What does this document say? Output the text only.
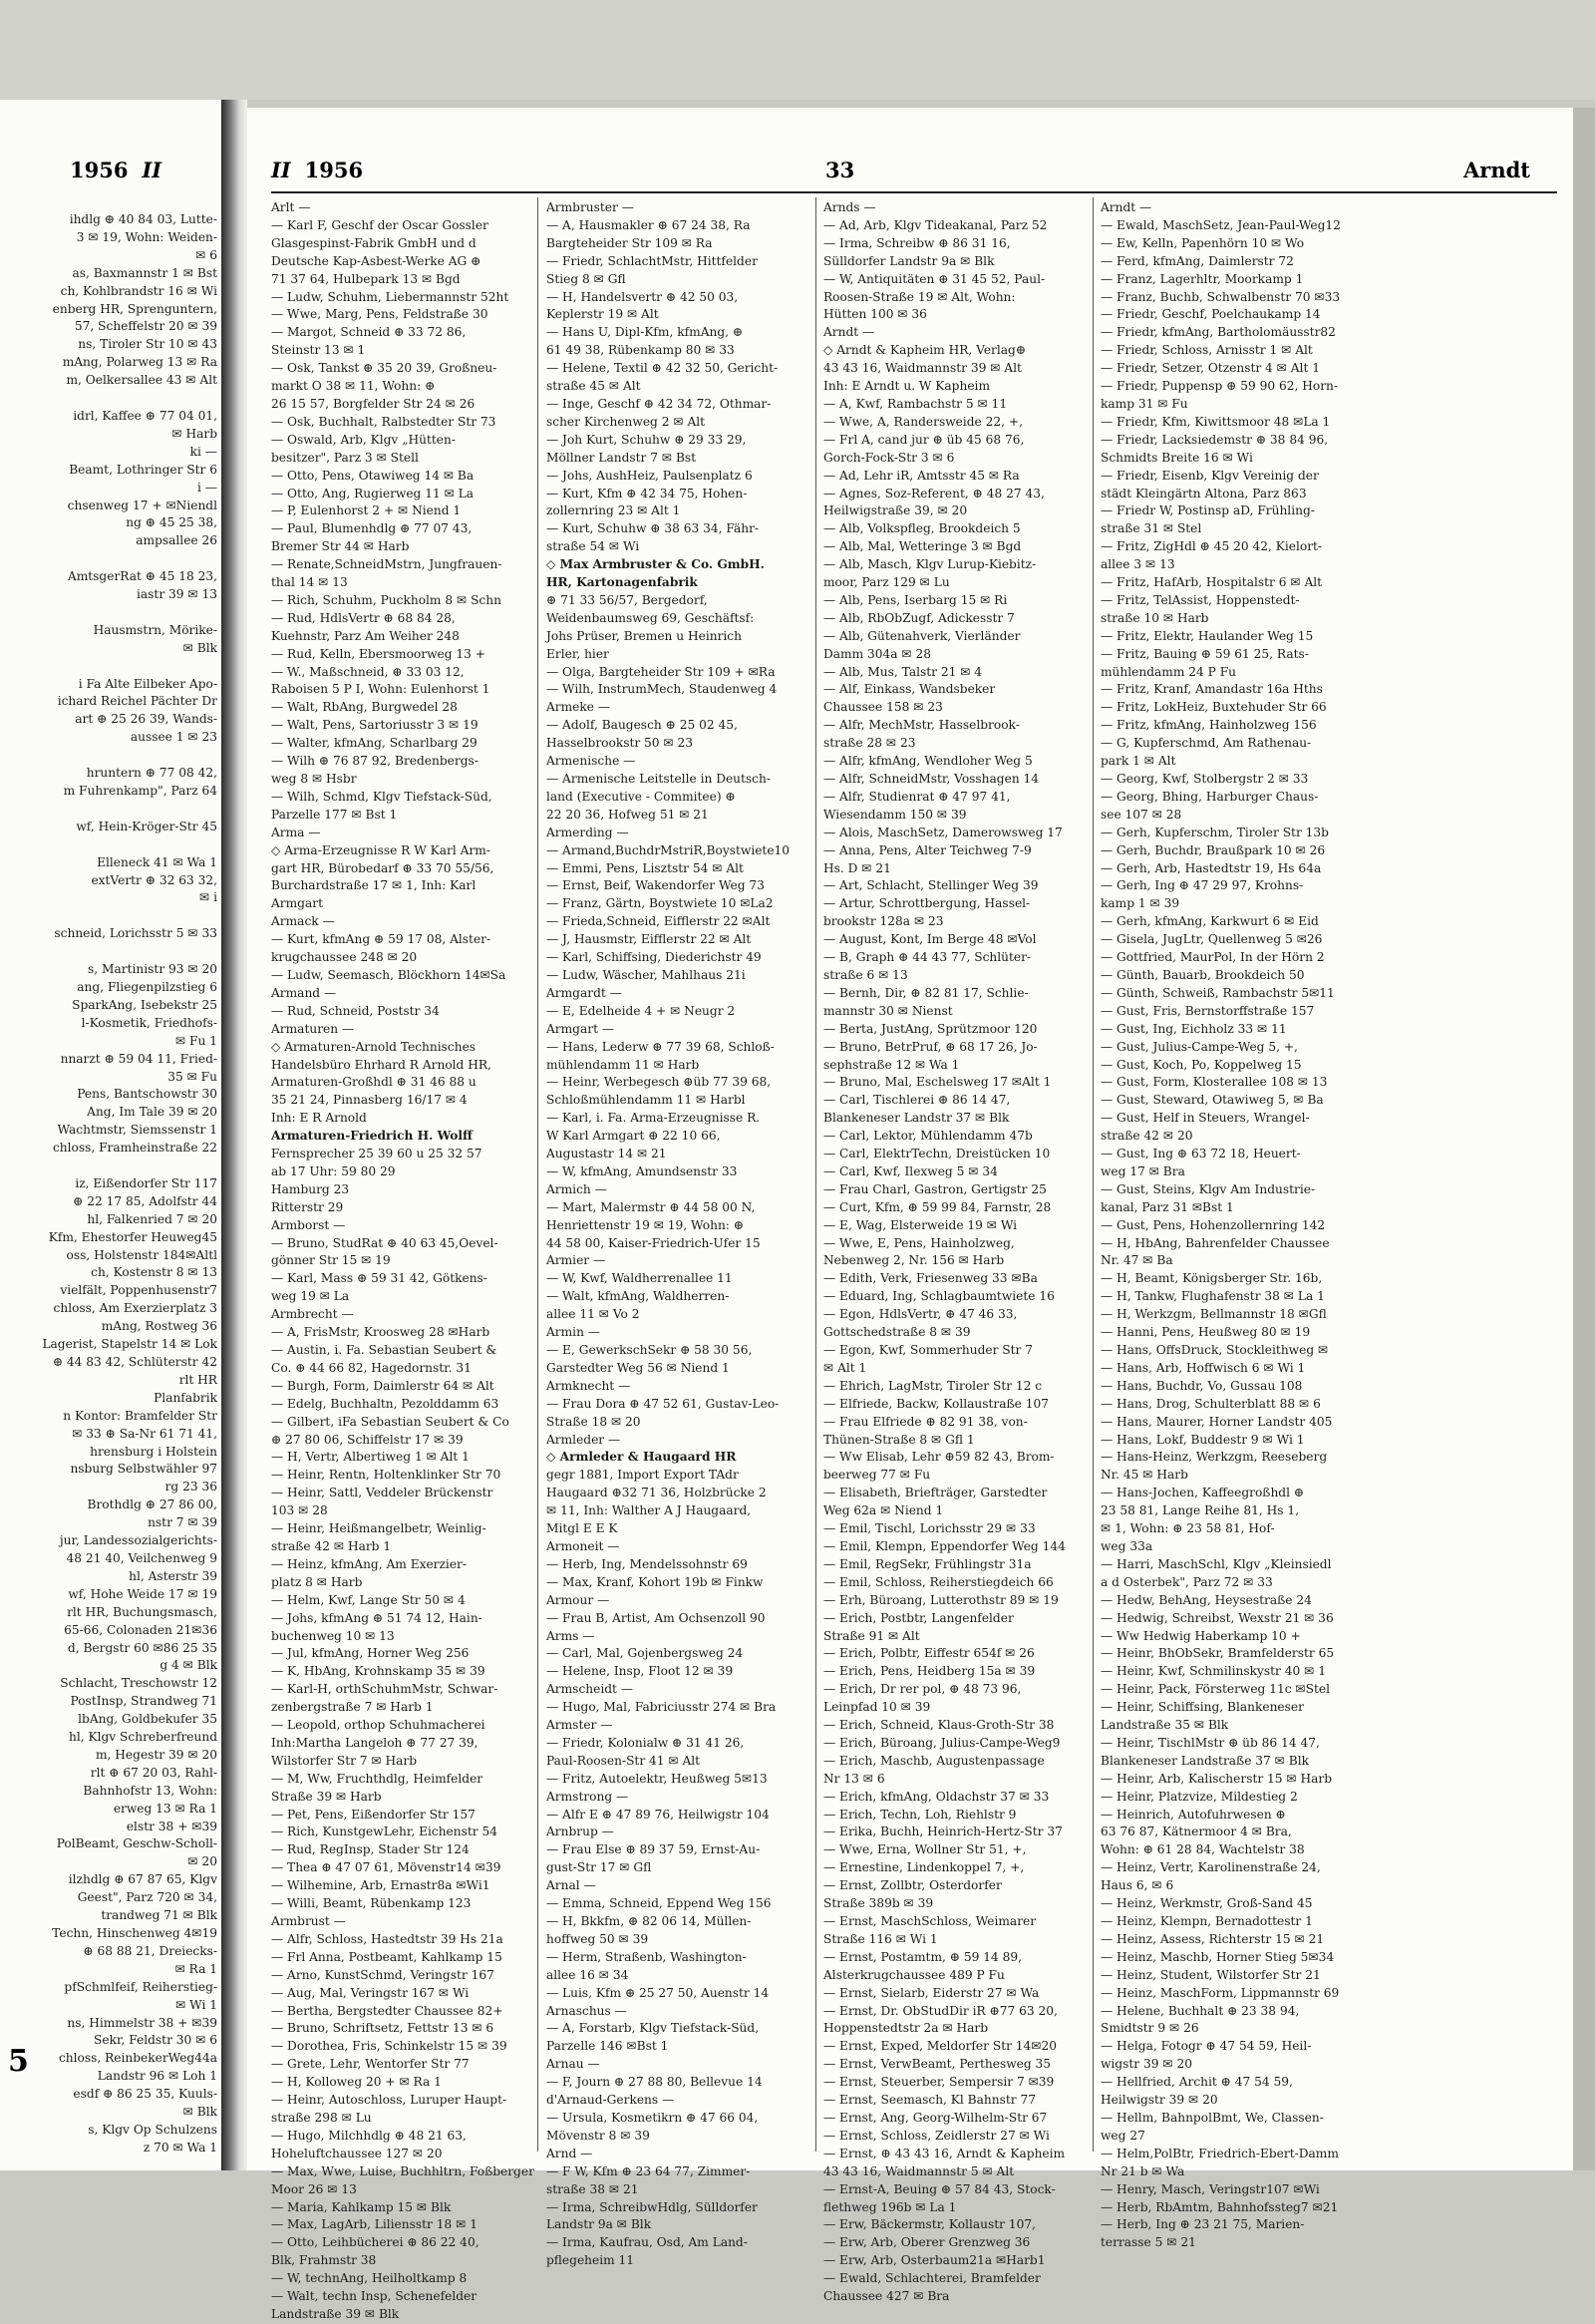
1956 II
ihdlg ⊕ 40 84 03, Lutte-
3 ✉ 19, Wohn: Weiden-
✉ 6
as, Baxmannstr 1 ✉ Bst
ch, Kohlbrandstr 16 ✉ Wi
enberg HR, Sprenguntern,
57, Scheffelstr 20 ✉ 39
ns, Tiroler Str 10 ✉ 43
mAng, Polarweg 13 ✉ Ra
m, Oelkersallee 43 ✉ Alt

idrl, Kaffee ⊕ 77 04 01,
✉ Harb
ki —
Beamt, Lothringer Str 6
i —
chsenweg 17 + ✉Niendl
ng ⊕ 45 25 38,
ampsallee 26

AmtsgerRat ⊕ 45 18 23,
iastr 39 ✉ 13

Hausmstrn, Mörike-
✉ Blk

i Fa Alte Eilbeker Apo-
ichard Reichel Pächter Dr
art ⊕ 25 26 39, Wands-
aussee 1 ✉ 23

hruntern ⊕ 77 08 42,
m Fuhrenkamp", Parz 64

wf, Hein-Kröger-Str 45

Elleneck 41 ✉ Wa 1
extVertr ⊕ 32 63 32,
✉ i

schneid, Lorichsstr 5 ✉ 33

s, Martinistr 93 ✉ 20
ang, Fliegenpilzstieg 6
SparkAng, Isebekstr 25
l-Kosmetik, Friedhofs-
✉ Fu 1
nnarzt ⊕ 59 04 11, Fried-
35 ✉ Fu
Pens, Bantschowstr 30
Ang, Im Tale 39 ✉ 20
Wachtmstr, Siemssenstr 1
chloss, Framheinstraße 22

iz, Eißendorfer Str 117
⊕ 22 17 85, Adolfstr 44
hl, Falkenried 7 ✉ 20
Kfm, Ehestorfer Heuweg45
oss, Holstenstr 184✉Altl
ch, Kostenstr 8 ✉ 13
vielfält, Poppenhusenstr7
chloss, Am Exerzierplatz 3
mAng, Rostweg 36
Lagerist, Stapelstr 14 ✉ Lok
⊕ 44 83 42, Schlüterstr 42
rlt HR
Planfabrik
n Kontor: Bramfelder Str
✉ 33 ⊕ Sa-Nr 61 71 41,
hrensburg i Holstein
nsburg Selbstwähler 97
rg 23 36
Brothdlg ⊕ 27 86 00,
nstr 7 ✉ 39
jur, Landessozialgerichts-
48 21 40, Veilchenweg 9
hl, Asterstr 39
wf, Hohe Weide 17 ✉ 19
rlt HR, Buchungsmasch,
65-66, Colonaden 21✉36
d, Bergstr 60 ✉86 25 35
g 4 ✉ Blk
Schlacht, Treschowstr 12
PostInsp, Strandweg 71
lbAng, Goldbekufer 35
hl, Klgv Schreberfreund
m, Hegestr 39 ✉ 20
rlt ⊕ 67 20 03, Rahl-
Bahnhofstr 13, Wohn:
erweg 13 ✉ Ra 1
elstr 38 + ✉39
PolBeamt, Geschw-Scholl-
✉ 20
ilzhdlg ⊕ 67 87 65, Klgv
Geest", Parz 720 ✉ 34,
trandweg 71 ✉ Blk
Techn, Hinschenweg 4✉19
⊕ 68 88 21, Dreiecks-
✉ Ra 1
pfSchmlfeif, Reiherstieg-
✉ Wi 1
ns, Himmelstr 38 + ✉39
Sekr, Feldstr 30 ✉ 6
chloss, ReinbekerWeg44a
Landstr 96 ✉ Loh 1
esdf ⊕ 86 25 35, Kuuls-
✉ Blk
s, Klgv Op Schulzens
z 70 ✉ Wa 1
5
II 1956	33	Arndt
Arlt —
— Karl F, Geschf der Oscar Gossler
Glasgespinst-Fabrik GmbH und d
Deutsche Kap-Asbest-Werke AG ⊕
71 37 64, Hulbepark 13 ✉ Bgd
— Ludw, Schuhm, Liebermannstr 52ht
— Wwe, Marg, Pens, Feldstraße 30
— Margot, Schneid ⊕ 33 72 86,
Steinstr 13 ✉ 1
— Osk, Tankst ⊕ 35 20 39, Großneu-
markt O 38 ✉ 11, Wohn: ⊕
26 15 57, Borgfelder Str 24 ✉ 26
— Osk, Buchhalt, Ralbstedter Str 73
— Oswald, Arb, Klgv „Hütten-
besitzer", Parz 3 ✉ Stell
— Otto, Pens, Otawiweg 14 ✉ Ba
— Otto, Ang, Rugierweg 11 ✉ La
— P, Eulenhorst 2 + ✉ Niend 1
— Paul, Blumenhdlg ⊕ 77 07 43,
Bremer Str 44 ✉ Harb
— Renate,SchneidMstrn, Jungfrauen-
thal 14 ✉ 13
— Rich, Schuhm, Puckholm 8 ✉ Schn
— Rud, HdlsVertr ⊕ 68 84 28,
Kuehnstr, Parz Am Weiher 248
— Rud, Kelln, Ebersmoorweg 13 +
— W., Maßschneid, ⊕ 33 03 12,
Raboisen 5 P I, Wohn: Eulenhorst 1
— Walt, RbAng, Burgwedel 28
— Walt, Pens, Sartoriusstr 3 ✉ 19
— Walter, kfmAng, Scharlbarg 29
— Wilh ⊕ 76 87 92, Bredenbergs-
weg 8 ✉ Hsbr
— Wilh, Schmd, Klgv Tiefstack-Süd,
Parzelle 177 ✉ Bst 1
Arma —
◇ Arma-Erzeugnisse R W Karl Arm-
gart HR, Bürobedarf ⊕ 33 70 55/56,
Burchardstraße 17 ✉ 1, Inh: Karl
Armgart
Armack —
— Kurt, kfmAng ⊕ 59 17 08, Alster-
krugchaussee 248 ✉ 20
— Ludw, Seemasch, Blöckhorn 14✉Sa
Armand —
— Rud, Schneid, Poststr 34
Armaturen —
◇ Armaturen-Arnold Technisches
Handelsbüro Ehrhard R Arnold HR,
Armaturen-Großhdl ⊕ 31 46 88 u
35 21 24, Pinnasberg 16/17 ✉ 4
Inh: E R Arnold
Armaturen-Friedrich H. Wolff
Fernsprecher 25 39 60 u 25 32 57
ab 17 Uhr: 59 80 29
Hamburg 23
Ritterstr 29
Armborst —
— Bruno, StudRat ⊕ 40 63 45,Oevel-
gönner Str 15 ✉ 19
— Karl, Mass ⊕ 59 31 42, Götkens-
weg 19 ✉ La
Armbrecht —
— A, FrisMstr, Kroosweg 28 ✉Harb
— Austin, i. Fa. Sebastian Seubert &
Co. ⊕ 44 66 82, Hagedornstr. 31
— Burgh, Form, Daimlerstr 64 ✉ Alt
— Edelg, Buchhaltn, Pezolddamm 63
— Gilbert, iFa Sebastian Seubert & Co
⊕ 27 80 06, Schiffelstr 17 ✉ 39
— H, Vertr, Albertiweg 1 ✉ Alt 1
— Heinr, Rentn, Holtenklinker Str 70
— Heinr, Sattl, Veddeler Brückenstr
103 ✉ 28
— Heinr, Heißmangelbetr, Weinlig-
straße 42 ✉ Harb 1
— Heinz, kfmAng, Am Exerzier-
platz 8 ✉ Harb
— Helm, Kwf, Lange Str 50 ✉ 4
— Johs, kfmAng ⊕ 51 74 12, Hain-
buchenweg 10 ✉ 13
— Jul, kfmAng, Horner Weg 256
— K, HbAng, Krohnskamp 35 ✉ 39
— Karl-H, orthSchuhmMstr, Schwar-
zenbergstraße 7 ✉ Harb 1
— Leopold, orthop Schuhmacherei
Inh:Martha Langeloh ⊕ 77 27 39,
Wilstorfer Str 7 ✉ Harb
— M, Ww, Fruchthdlg, Heimfelder
Straße 39 ✉ Harb
— Pet, Pens, Eißendorfer Str 157
— Rich, KunstgewLehr, Eichenstr 54
— Rud, RegInsp, Stader Str 124
— Thea ⊕ 47 07 61, Mövenstr14 ✉39
— Wilhemine, Arb, Ernastr8a ✉Wi1
— Willi, Beamt, Rübenkamp 123
Armbrust —
— Alfr, Schloss, Hastedtstr 39 Hs 21a
— Frl Anna, Postbeamt, Kahlkamp 15
— Arno, KunstSchmd, Veringstr 167
— Aug, Mal, Veringstr 167 ✉ Wi
— Bertha, Bergstedter Chaussee 82+
— Bruno, Schriftsetz, Fettstr 13 ✉ 6
— Dorothea, Fris, Schinkelstr 15 ✉ 39
— Grete, Lehr, Wentorfer Str 77
— H, Kolloweg 20 + ✉ Ra 1
— Heinr, Autoschloss, Luruper Haupt-
straße 298 ✉ Lu
— Hugo, Milchhdlg ⊕ 48 21 63,
Hoheluftchaussee 127 ✉ 20
— Max, Wwe, Luise, Buchhltrn, Foßberger
Moor 26 ✉ 13
— Maria, Kahlkamp 15 ✉ Blk
— Max, LagArb, Liliensstr 18 ✉ 1
— Otto, Leihbücherei ⊕ 86 22 40,
Blk, Frahmstr 38
— W, technAng, Heilholtkamp 8
— Walt, techn Insp, Schenefelder
Landstraße 39 ✉ Blk
Armbruster —
— A, Hausmakler ⊕ 67 24 38, Ra
Bargteheider Str 109 ✉ Ra
— Friedr, SchlachtMstr, Hittfelder
Stieg 8 ✉ Gfl
— H, Handelsvertr ⊕ 42 50 03,
Keplerstr 19 ✉ Alt
— Hans U, Dipl-Kfm, kfmAng, ⊕
61 49 38, Rübenkamp 80 ✉ 33
— Helene, Textil ⊕ 42 32 50, Gericht-
straße 45 ✉ Alt
— Inge, Geschf ⊕ 42 34 72, Othmar-
scher Kirchenweg 2 ✉ Alt
— Joh Kurt, Schuhw ⊕ 29 33 29,
Möllner Landstr 7 ✉ Bst
— Johs, AushHeiz, Paulsenplatz 6
— Kurt, Kfm ⊕ 42 34 75, Hohen-
zollernring 23 ✉ Alt 1
— Kurt, Schuhw ⊕ 38 63 34, Fähr-
straße 54 ✉ Wi
◇ Max Armbruster & Co. GmbH.
HR, Kartonagenfabrik
⊕ 71 33 56/57, Bergedorf,
Weidenbaumsweg 69, Geschäftsf:
Johs Prüser, Bremen u Heinrich
Erler, hier
— Olga, Bargteheider Str 109 + ✉Ra
— Wilh, InstrumMech, Staudenweg 4
Armeke —
— Adolf, Baugesch ⊕ 25 02 45,
Hasselbrookstr 50 ✉ 23
Armenische —
— Armenische Leitstelle in Deutsch-
land (Executive - Commitee) ⊕
22 20 36, Hofweg 51 ✉ 21
Armerding —
— Armand,BuchdrMstriR,Boystwiete10
— Emmi, Pens, Lisztstr 54 ✉ Alt
— Ernst, Beif, Wakendorfer Weg 73
— Franz, Gärtn, Boystwiete 10 ✉La2
— Frieda,Schneid, Eifflerstr 22 ✉Alt
— J, Hausmstr, Eifflerstr 22 ✉ Alt
— Karl, Schiffsing, Diederichstr 49
— Ludw, Wäscher, Mahlhaus 21i
Armgardt —
— E, Edelheide 4 + ✉ Neugr 2
Armgart —
— Hans, Lederw ⊕ 77 39 68, Schloß-
mühlendamm 11 ✉ Harb
— Heinr, Werbegesch ⊕üb 77 39 68,
Schloßmühlendamm 11 ✉ Harbl
— Karl, i. Fa. Arma-Erzeugnisse R.
W Karl Armgart ⊕ 22 10 66,
Augustastr 14 ✉ 21
— W, kfmAng, Amundsenstr 33
Armich —
— Mart, Malermstr ⊕ 44 58 00 N,
Henriettenstr 19 ✉ 19, Wohn: ⊕
44 58 00, Kaiser-Friedrich-Ufer 15
Armier —
— W, Kwf, Waldherrenallee 11
— Walt, kfmAng, Waldherren-
allee 11 ✉ Vo 2
Armin —
— E, GewerkschSekr ⊕ 58 30 56,
Garstedter Weg 56 ✉ Niend 1
Armknecht —
— Frau Dora ⊕ 47 52 61, Gustav-Leo-
Straße 18 ✉ 20
Armleder —
◇ Armleder & Haugaard HR
gegr 1881, Import Export TAdr
Haugaard ⊕32 71 36, Holzbrücke 2
✉ 11, Inh: Walther A J Haugaard,
Mitgl E E K
Armoneit —
— Herb, Ing, Mendelssohnstr 69
— Max, Kranf, Kohort 19b ✉ Finkw
Armour —
— Frau B, Artist, Am Ochsenzoll 90
Arms —
— Carl, Mal, Gojenbergsweg 24
— Helene, Insp, Floot 12 ✉ 39
Armscheidt —
— Hugo, Mal, Fabriciusstr 274 ✉ Bra
Armster —
— Friedr, Kolonialw ⊕ 31 41 26,
Paul-Roosen-Str 41 ✉ Alt
— Fritz, Autoelektr, Heußweg 5✉13
Armstrong —
— Alfr E ⊕ 47 89 76, Heilwigstr 104
Arnbrup —
— Frau Else ⊕ 89 37 59, Ernst-Au-
gust-Str 17 ✉ Gfl
Arnal —
— Emma, Schneid, Eppend Weg 156
— H, Bkkfm, ⊕ 82 06 14, Müllen-
hoffweg 50 ✉ 39
— Herm, Straßenb, Washington-
allee 16 ✉ 34
— Luis, Kfm ⊕ 25 27 50, Auenstr 14
Arnaschus —
— A, Forstarb, Klgv Tiefstack-Süd,
Parzelle 146 ✉Bst 1
Arnau —
— F, Journ ⊕ 27 88 80, Bellevue 14
d'Arnaud-Gerkens —
— Ursula, Kosmetikrn ⊕ 47 66 04,
Mövenstr 8 ✉ 39
Arnd —
— F W, Kfm ⊕ 23 64 77, Zimmer-
straße 38 ✉ 21
— Irma, SchreibwHdlg, Sülldorfer
Landstr 9a ✉ Blk
— Irma, Kaufrau, Osd, Am Land-
pflegeheim 11
Arnds —
— Ad, Arb, Klgv Tideakanal, Parz 52
— Irma, Schreibw ⊕ 86 31 16,
Sülldorfer Landstr 9a ✉ Blk
— W, Antiquitäten ⊕ 31 45 52, Paul-
Roosen-Straße 19 ✉ Alt, Wohn:
Hütten 100 ✉ 36
Arndt —
◇ Arndt & Kapheim HR, Verlag⊕
43 43 16, Waidmannstr 39 ✉ Alt
Inh: E Arndt u. W Kapheim
— A, Kwf, Rambachstr 5 ✉ 11
— Wwe, A, Randersweide 22, +,
— Frl A, cand jur ⊕ üb 45 68 76,
Gorch-Fock-Str 3 ✉ 6
— Ad, Lehr iR, Amtsstr 45 ✉ Ra
— Agnes, Soz-Referent, ⊕ 48 27 43,
Heilwigstraße 39, ✉ 20
— Alb, Volkspfleg, Brookdeich 5
— Alb, Mal, Wetteringe 3 ✉ Bgd
— Alb, Masch, Klgv Lurup-Kiebitz-
moor, Parz 129 ✉ Lu
— Alb, Pens, Iserbarg 15 ✉ Ri
— Alb, RbObZugf, Adickesstr 7
— Alb, Gütenahverk, Vierländer
Damm 304a ✉ 28
— Alb, Mus, Talstr 21 ✉ 4
— Alf, Einkass, Wandsbeker
Chaussee 158 ✉ 23
— Alfr, MechMstr, Hasselbrook-
straße 28 ✉ 23
— Alfr, kfmAng, Wendloher Weg 5
— Alfr, SchneidMstr, Vosshagen 14
— Alfr, Studienrat ⊕ 47 97 41,
Wiesendamm 150 ✉ 39
— Alois, MaschSetz, Damerowsweg 17
— Anna, Pens, Alter Teichweg 7-9
Hs. D ✉ 21
— Art, Schlacht, Stellinger Weg 39
— Artur, Schrottbergung, Hassel-
brookstr 128a ✉ 23
— August, Kont, Im Berge 48 ✉Vol
— B, Graph ⊕ 44 43 77, Schlüter-
straße 6 ✉ 13
— Bernh, Dir, ⊕ 82 81 17, Schlie-
mannstr 30 ✉ Nienst
— Berta, JustAng, Sprützmoor 120
— Bruno, BetrPruf, ⊕ 68 17 26, Jo-
sephstraße 12 ✉ Wa 1
— Bruno, Mal, Eschelsweg 17 ✉Alt 1
— Carl, Tischlerei ⊕ 86 14 47,
Blankeneser Landstr 37 ✉ Blk
— Carl, Lektor, Mühlendamm 47b
— Carl, ElektrTechn, Dreistücken 10
— Carl, Kwf, Ilexweg 5 ✉ 34
— Frau Charl, Gastron, Gertigstr 25
— Curt, Kfm, ⊕ 59 99 84, Farnstr, 28
— E, Wag, Elsterweide 19 ✉ Wi
— Wwe, E, Pens, Hainholzweg,
Nebenweg 2, Nr. 156 ✉ Harb
— Edith, Verk, Friesenweg 33 ✉Ba
— Eduard, Ing, Schlagbaumtwiete 16
— Egon, HdlsVertr, ⊕ 47 46 33,
Gottschedstraße 8 ✉ 39
— Egon, Kwf, Sommerhuder Str 7
✉ Alt 1
— Ehrich, LagMstr, Tiroler Str 12 c
— Elfriede, Backw, Kollaustraße 107
— Frau Elfriede ⊕ 82 91 38, von-
Thünen-Straße 8 ✉ Gfl 1
— Ww Elisab, Lehr ⊕59 82 43, Brom-
beerweg 77 ✉ Fu
— Elisabeth, Briefträger, Garstedter
Weg 62a ✉ Niend 1
— Emil, Tischl, Lorichsstr 29 ✉ 33
— Emil, Klempn, Eppendorfer Weg 144
— Emil, RegSekr, Frühlingstr 31a
— Emil, Schloss, Reiherstiegdeich 66
— Erh, Büroang, Lutterothstr 89 ✉ 19
— Erich, Postbtr, Langenfelder
Straße 91 ✉ Alt
— Erich, Polbtr, Eiffestr 654f ✉ 26
— Erich, Pens, Heidberg 15a ✉ 39
— Erich, Dr rer pol, ⊕ 48 73 96,
Leinpfad 10 ✉ 39
— Erich, Schneid, Klaus-Groth-Str 38
— Erich, Büroang, Julius-Campe-Weg9
— Erich, Maschb, Augustenpassage
Nr 13 ✉ 6
— Erich, kfmAng, Oldachstr 37 ✉ 33
— Erich, Techn, Loh, Riehlstr 9
— Erika, Buchh, Heinrich-Hertz-Str 37
— Wwe, Erna, Wollner Str 51, +,
— Ernestine, Lindenkoppel 7, +,
— Ernst, Zollbtr, Osterdorfer
Straße 389b ✉ 39
— Ernst, MaschSchloss, Weimarer
Straße 116 ✉ Wi 1
— Ernst, Postamtm, ⊕ 59 14 89,
Alsterkrugchaussee 489 P Fu
— Ernst, Sielarb, Eiderstr 27 ✉ Wa
— Ernst, Dr. ObStudDir iR ⊕77 63 20,
Hoppenstedtstr 2a ✉ Harb
— Ernst, Exped, Meldorfer Str 14✉20
— Ernst, VerwBeamt, Perthesweg 35
— Ernst, Steuerber, Sempersir 7 ✉39
— Ernst, Seemasch, Kl Bahnstr 77
— Ernst, Ang, Georg-Wilhelm-Str 67
— Ernst, Schloss, Zeidlerstr 27 ✉ Wi
— Ernst, ⊕ 43 43 16, Arndt & Kapheim
43 43 16, Waidmannstr 5 ✉ Alt
— Ernst-A, Beuing ⊕ 57 84 43, Stock-
flethweg 196b ✉ La 1
— Erw, Bäckermstr, Kollaustr 107,
— Erw, Arb, Oberer Grenzweg 36
— Erw, Arb, Osterbaum21a ✉Harb1
— Ewald, Schlachterei, Bramfelder
Chaussee 427 ✉ Bra
Arndt —
— Ewald, MaschSetz, Jean-Paul-Weg12
— Ew, Kelln, Papenhörn 10 ✉ Wo
— Ferd, kfmAng, Daimlerstr 72
— Franz, Lagerhltr, Moorkamp 1
— Franz, Buchb, Schwalbenstr 70 ✉33
— Friedr, Geschf, Poelchaukamp 14
— Friedr, kfmAng, Bartholomäusstr82
— Friedr, Schloss, Arnisstr 1 ✉ Alt
— Friedr, Setzer, Otzenstr 4 ✉ Alt 1
— Friedr, Puppensp ⊕ 59 90 62, Horn-
kamp 31 ✉ Fu
— Friedr, Kfm, Kiwittsmoor 48 ✉La 1
— Friedr, Lacksiedemstr ⊕ 38 84 96,
Schmidts Breite 16 ✉ Wi
— Friedr, Eisenb, Klgv Vereinig der
städt Kleingärtn Altona, Parz 863
— Friedr W, Postinsp aD, Frühling-
straße 31 ✉ Stel
— Fritz, ZigHdl ⊕ 45 20 42, Kielort-
allee 3 ✉ 13
— Fritz, HafArb, Hospitalstr 6 ✉ Alt
— Fritz, TelAssist, Hoppenstedt-
straße 10 ✉ Harb
— Fritz, Elektr, Haulander Weg 15
— Fritz, Bauing ⊕ 59 61 25, Rats-
mühlendamm 24 P Fu
— Fritz, Kranf, Amandastr 16a Hths
— Fritz, LokHeiz, Buxtehuder Str 66
— Fritz, kfmAng, Hainholzweg 156
— G, Kupferschmd, Am Rathenau-
park 1 ✉ Alt
— Georg, Kwf, Stolbergstr 2 ✉ 33
— Georg, Bhing, Harburger Chaus-
see 107 ✉ 28
— Gerh, Kupferschm, Tiroler Str 13b
— Gerh, Buchdr, Braußpark 10 ✉ 26
— Gerh, Arb, Hastedtstr 19, Hs 64a
— Gerh, Ing ⊕ 47 29 97, Krohns-
kamp 1 ✉ 39
— Gerh, kfmAng, Karkwurt 6 ✉ Eid
— Gisela, JugLtr, Quellenweg 5 ✉26
— Gottfried, MaurPol, In der Hörn 2
— Günth, Bauarb, Brookdeich 50
— Günth, Schweiß, Rambachstr 5✉11
— Gust, Fris, Bernstorffstraße 157
— Gust, Ing, Eichholz 33 ✉ 11
— Gust, Julius-Campe-Weg 5, +,
— Gust, Koch, Po, Koppelweg 15
— Gust, Form, Klosterallee 108 ✉ 13
— Gust, Steward, Otawiweg 5, ✉ Ba
— Gust, Helf in Steuers, Wrangel-
straße 42 ✉ 20
— Gust, Ing ⊕ 63 72 18, Heuert-
weg 17 ✉ Bra
— Gust, Steins, Klgv Am Industrie-
kanal, Parz 31 ✉Bst 1
— Gust, Pens, Hohenzollernring 142
— H, HbAng, Bahrenfelder Chaussee
Nr. 47 ✉ Ba
— H, Beamt, Königsberger Str. 16b,
— H, Tankw, Flughafenstr 38 ✉ La 1
— H, Werkzgm, Bellmannstr 18 ✉Gfl
— Hanni, Pens, Heußweg 80 ✉ 19
— Hans, OffsDruck, Stockleithweg ✉
— Hans, Arb, Hoffwisch 6 ✉ Wi 1
— Hans, Buchdr, Vo, Gussau 108
— Hans, Drog, Schulterblatt 88 ✉ 6
— Hans, Maurer, Horner Landstr 405
— Hans, Lokf, Buddestr 9 ✉ Wi 1
— Hans-Heinz, Werkzgm, Reeseberg
Nr. 45 ✉ Harb
— Hans-Jochen, Kaffeegroßhdl ⊕
23 58 81, Lange Reihe 81, Hs 1,
✉ 1, Wohn: ⊕ 23 58 81, Hof-
weg 33a
— Harri, MaschSchl, Klgv „Kleinsiedl
a d Osterbek", Parz 72 ✉ 33
— Hedw, BehAng, Heysestraße 24
— Hedwig, Schreibst, Wexstr 21 ✉ 36
— Ww Hedwig Haberkamp 10 +
— Heinr, BhObSekr, Bramfelderstr 65
— Heinr, Kwf, Schmilinskystr 40 ✉ 1
— Heinr, Pack, Försterweg 11c ✉Stel
— Heinr, Schiffsing, Blankeneser
Landstraße 35 ✉ Blk
— Heinr, TischlMstr ⊕ üb 86 14 47,
Blankeneser Landstraße 37 ✉ Blk
— Heinr, Arb, Kalischerstr 15 ✉ Harb
— Heinr, Platzvize, Mildestieg 2
— Heinrich, Autofuhrwesen ⊕
63 76 87, Kätnermoor 4 ✉ Bra,
Wohn: ⊕ 61 28 84, Wachtelstr 38
— Heinz, Vertr, Karolinenstraße 24,
Haus 6, ✉ 6
— Heinz, Werkmstr, Groß-Sand 45
— Heinz, Klempn, Bernadottestr 1
— Heinz, Assess, Richterstr 15 ✉ 21
— Heinz, Maschb, Horner Stieg 5✉34
— Heinz, Student, Wilstorfer Str 21
— Heinz, MaschForm, Lippmannstr 69
— Helene, Buchhalt ⊕ 23 38 94,
Smidtstr 9 ✉ 26
— Helga, Fotogr ⊕ 47 54 59, Heil-
wigstr 39 ✉ 20
— Hellfried, Archit ⊕ 47 54 59,
Heilwigstr 39 ✉ 20
— Hellm, BahnpolBmt, We, Classen-
weg 27
— Helm,PolBtr, Friedrich-Ebert-Damm
Nr 21 b ✉ Wa
— Henry, Masch, Veringstr107 ✉Wi
— Herb, RbAmtm, Bahnhofssteg7 ✉21
— Herb, Ing ⊕ 23 21 75, Marien-
terrasse 5 ✉ 21
